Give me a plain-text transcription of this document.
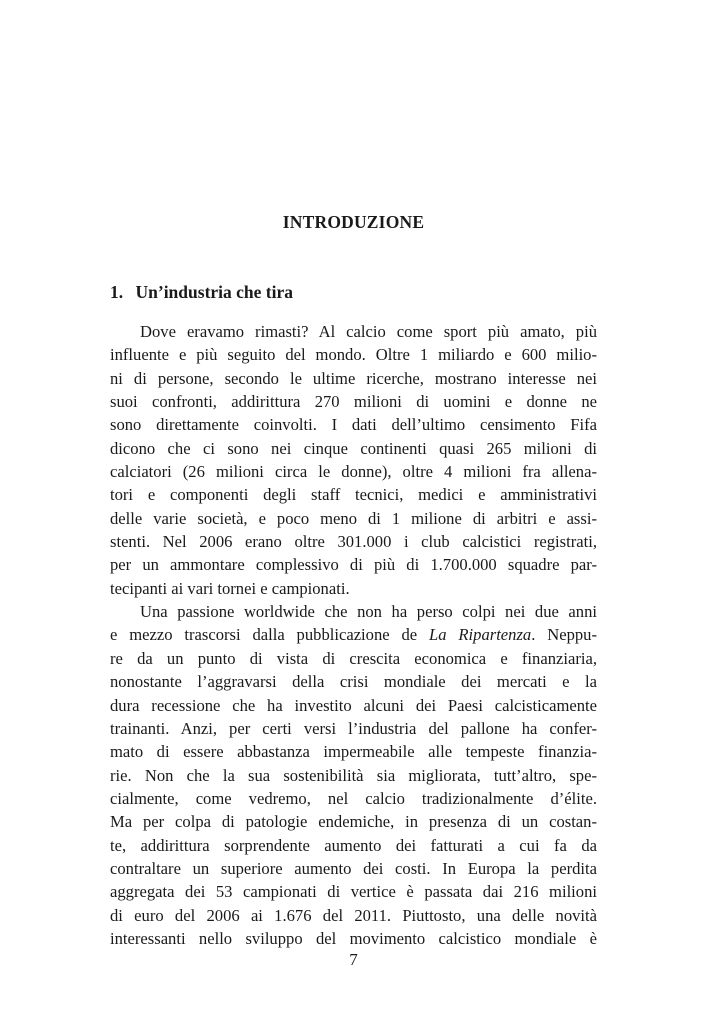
INTRODUZIONE
1. Un’industria che tira
Dove eravamo rimasti? Al calcio come sport più amato, più
influente e più seguito del mondo. Oltre 1 miliardo e 600 milio-
ni di persone, secondo le ultime ricerche, mostrano interesse nei
suoi confronti, addirittura 270 milioni di uomini e donne ne
sono direttamente coinvolti. I dati dell’ultimo censimento Fifa
dicono che ci sono nei cinque continenti quasi 265 milioni di
calciatori (26 milioni circa le donne), oltre 4 milioni fra allena-
tori e componenti degli staff tecnici, medici e amministrativi
delle varie società, e poco meno di 1 milione di arbitri e assi-
stenti. Nel 2006 erano oltre 301.000 i club calcistici registrati,
per un ammontare complessivo di più di 1.700.000 squadre par-
tecipanti ai vari tornei e campionati.
Una passione worldwide che non ha perso colpi nei due anni
e mezzo trascorsi dalla pubblicazione de La Ripartenza. Neppu-
re da un punto di vista di crescita economica e finanziaria,
nonostante l’aggravarsi della crisi mondiale dei mercati e la
dura recessione che ha investito alcuni dei Paesi calcisticamente
trainanti. Anzi, per certi versi l’industria del pallone ha confer-
mato di essere abbastanza impermeabile alle tempeste finanzia-
rie. Non che la sua sostenibilità sia migliorata, tutt’altro, spe-
cialmente, come vedremo, nel calcio tradizionalmente d’élite.
Ma per colpa di patologie endemiche, in presenza di un costan-
te, addirittura sorprendente aumento dei fatturati a cui fa da
contraltare un superiore aumento dei costi. In Europa la perdita
aggregata dei 53 campionati di vertice è passata dai 216 milioni
di euro del 2006 ai 1.676 del 2011. Piuttosto, una delle novità
interessanti nello sviluppo del movimento calcistico mondiale è
7
